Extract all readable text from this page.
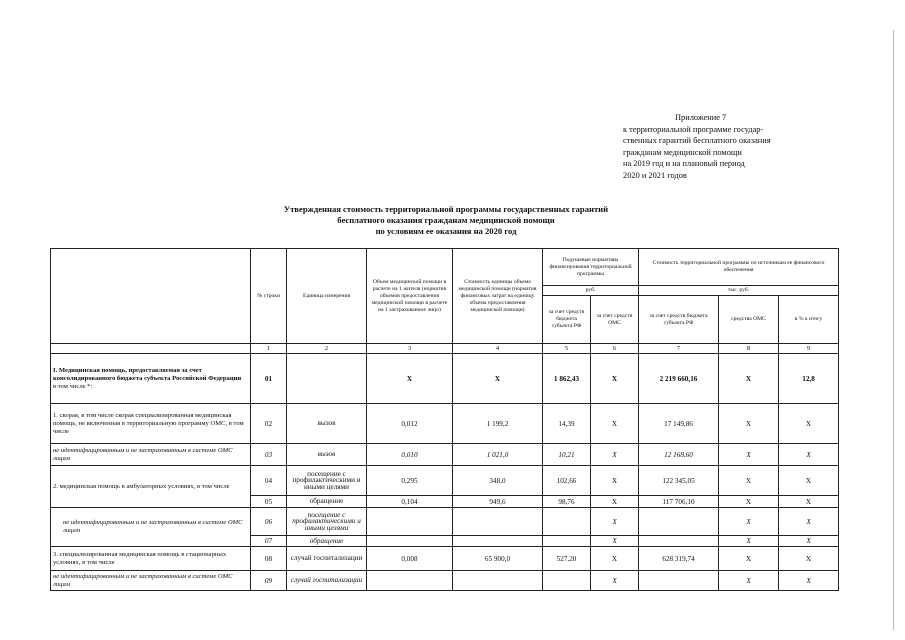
Приложение 7
к территориальной программе государ-
ственных гарантий бесплатного оказания
гражданам медицинской помощи
на 2019 год и на плановый период
2020 и 2021 годов
Утвержденная стоимость территориальной программы государственных гарантий
бесплатного оказания гражданам медицинской помощи
по условиям ее оказания на 2020 год
	№ строки	Единица измерения	Объем медицинской помощи в расчете на 1 жителя (норматив объемов предоставления медицинской помощи в расчете на 1 застрахованное лицо)	Стоимость единицы объема медицинской помощи (норматив финансовых затрат на единицу объема предоставления медицинской помощи)	Подушевые нормативы финансирования территориальной программы		Стоимость территориальной программы по источникам ее финансового обеспечения		
					руб.		тыс. руб.		
					за счет средств бюджета субъекта РФ	за счет средств ОМС	за счет средств бюджета субъекта РФ	средства ОМС	в % к итогу
	1	2	3	4	5	6	7	8	9
I. Медицинская помощь, предоставляемая за счет консолидированного бюджета субъекта Российской Федерации
в том числе *:	01		X	X	1 862,43	X	2 219 660,16	X	12,8
1. скорая, в том числе скорая специализированная медицинская помощь, не включенная в территориальную программу ОМС, в том числе	02	вызов	0,012	1 199,2	14,39	X	17 149,86	X	X
не идентифицированным и не застрахованным в системе ОМС лицам	03	вызов	0,010	1 021,0	10,21	X	12 168,60	X	X
2. медицинская помощь в амбулаторных условиях, в том числе	04	посещение с профилактическими и иными целями	0,295	348,0	102,66	X	122 345,05	X	X
	05	обращение	0,104	949,6	98,76	X	117 706,10	X	X
не идентифицированным и не застрахованным в системе ОМС лицам	06	посещение с профилактическими и иными целями				X		X	X
	07	обращение				X		X	X
3. специализированная медицинская помощь в стационарных условиях, в том числе	08	случай госпитализации	0,008	65 900,0	527,20	X	628 319,74	X	X
не идентифицированным и не застрахованным в системе ОМС лицам	09	случай госпитализации				X		X	X
